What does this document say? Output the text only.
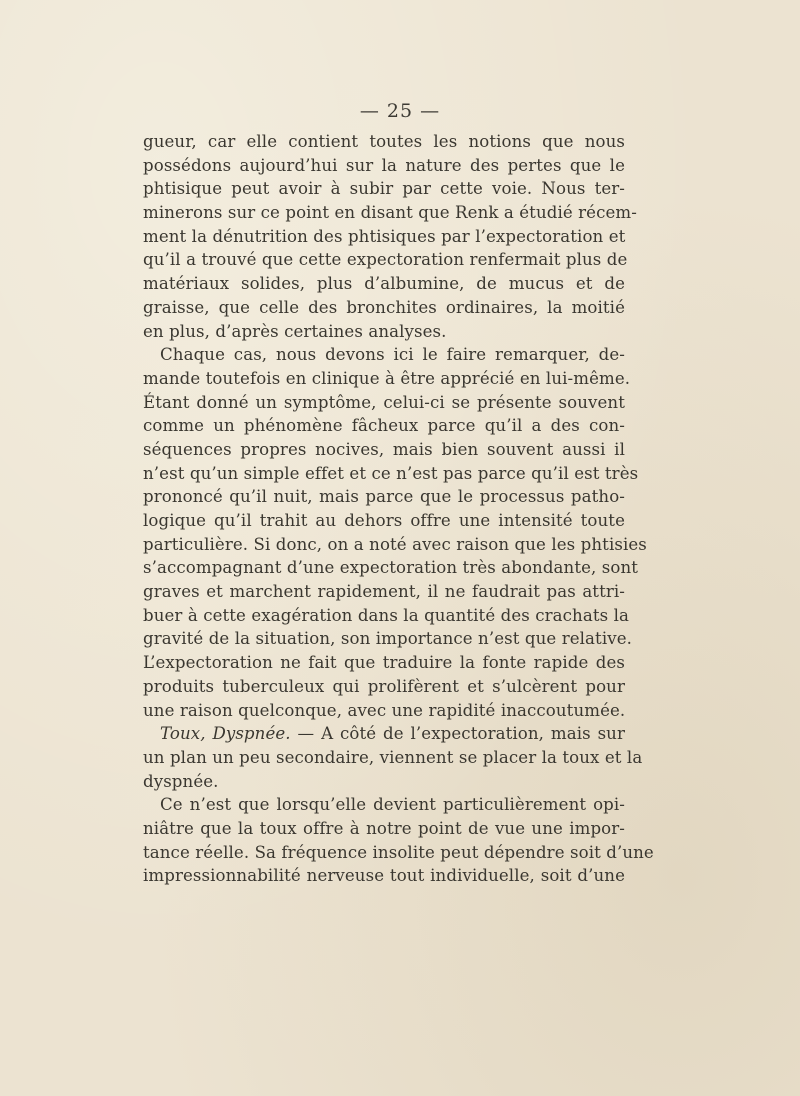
— 25 —
gueur, car elle contient toutes les notions que nous
possédons aujourd’hui sur la nature des pertes que le
phtisique peut avoir à subir par cette voie. Nous ter-
minerons sur ce point en disant que Renk a étudié récem-
ment la dénutrition des phtisiques par l’expectoration et
qu’il a trouvé que cette expectoration renfermait plus de
matériaux solides, plus d’albumine, de mucus et de
graisse, que celle des bronchites ordinaires, la moitié
en plus, d’après certaines analyses.
Chaque cas, nous devons ici le faire remarquer, de-
mande toutefois en clinique à être apprécié en lui-même.
Étant donné un symptôme, celui-ci se présente souvent
comme un phénomène fâcheux parce qu’il a des con-
séquences propres nocives, mais bien souvent aussi il
n’est qu’un simple effet et ce n’est pas parce qu’il est très
prononcé qu’il nuit, mais parce que le processus patho-
logique qu’il trahit au dehors offre une intensité toute
particulière. Si donc, on a noté avec raison que les phtisies
s’accompagnant d’une expectoration très abondante, sont
graves et marchent rapidement, il ne faudrait pas attri-
buer à cette exagération dans la quantité des crachats la
gravité de la situation, son importance n’est que relative.
L’expectoration ne fait que traduire la fonte rapide des
produits tuberculeux qui prolifèrent et s’ulcèrent pour
une raison quelconque, avec une rapidité inaccoutumée.
Toux, Dyspnée. — A côté de l’expectoration, mais sur
un plan un peu secondaire, viennent se placer la toux et la
dyspnée.
Ce n’est que lorsqu’elle devient particulièrement opi-
niâtre que la toux offre à notre point de vue une impor-
tance réelle. Sa fréquence insolite peut dépendre soit d’une
impressionnabilité nerveuse tout individuelle, soit d’une
